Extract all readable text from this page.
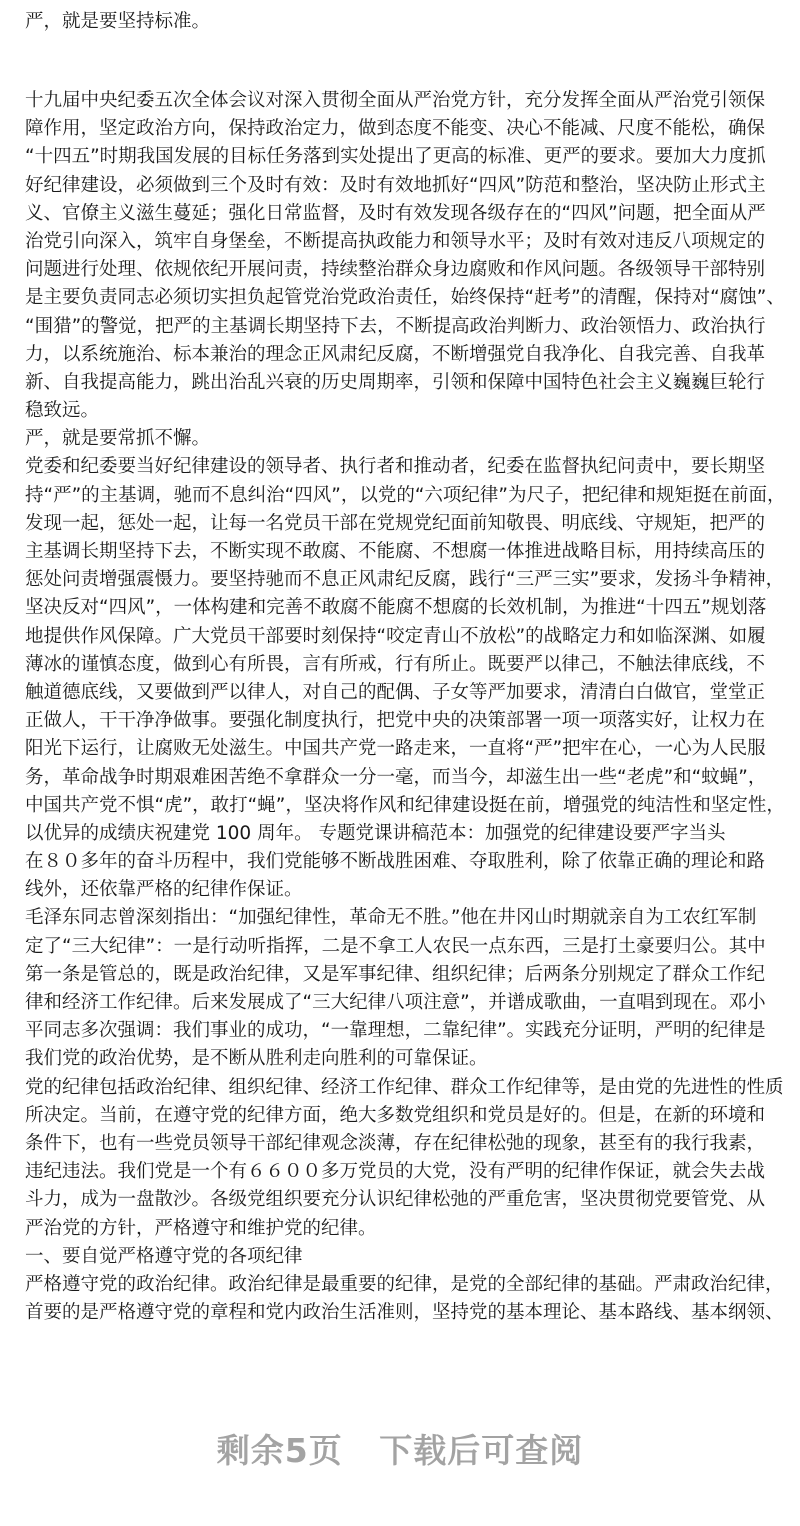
严，就是要坚持标准。
十九届中央纪委五次全体会议对深入贯彻全面从严治党方针，充分发挥全面从严治党引领保
障作用，坚定政治方向，保持政治定力，做到态度不能变、决心不能减、尺度不能松，确保
“十四五”时期我国发展的目标任务落到实处提出了更高的标准、更严的要求。要加大力度抓
好纪律建设，必须做到三个及时有效：及时有效地抓好“四风”防范和整治，坚决防止形式主
义、官僚主义滋生蔓延；强化日常监督，及时有效发现各级存在的“四风”问题，把全面从严
治党引向深入，筑牢自身堡垒，不断提高执政能力和领导水平；及时有效对违反八项规定的
问题进行处理、依规依纪开展问责，持续整治群众身边腐败和作风问题。各级领导干部特别
是主要负责同志必须切实担负起管党治党政治责任，始终保持“赶考”的清醒，保持对“腐蚀”、
“围猎”的警觉，把严的主基调长期坚持下去，不断提高政治判断力、政治领悟力、政治执行
力，以系统施治、标本兼治的理念正风肃纪反腐，不断增强党自我净化、自我完善、自我革
新、自我提高能力，跳出治乱兴衰的历史周期率，引领和保障中国特色社会主义巍巍巨轮行
稳致远。
严，就是要常抓不懈。
党委和纪委要当好纪律建设的领导者、执行者和推动者，纪委在监督执纪问责中，要长期坚
持“严”的主基调，驰而不息纠治“四风”，以党的“六项纪律”为尺子，把纪律和规矩挺在前面，
发现一起，惩处一起，让每一名党员干部在党规党纪面前知敬畏、明底线、守规矩，把严的
主基调长期坚持下去，不断实现不敢腐、不能腐、不想腐一体推进战略目标，用持续高压的
惩处问责增强震慑力。要坚持驰而不息正风肃纪反腐，践行“三严三实”要求，发扬斗争精神，
坚决反对“四风”，一体构建和完善不敢腐不能腐不想腐的长效机制，为推进“十四五”规划落
地提供作风保障。广大党员干部要时刻保持“咬定青山不放松”的战略定力和如临深渊、如履
薄冰的谨慎态度，做到心有所畏，言有所戒，行有所止。既要严以律己，不触法律底线，不
触道德底线，又要做到严以律人，对自己的配偶、子女等严加要求，清清白白做官，堂堂正
正做人，干干净净做事。要强化制度执行，把党中央的决策部署一项一项落实好，让权力在
阳光下运行，让腐败无处滋生。中国共产党一路走来，一直将“严”把牢在心，一心为人民服
务，革命战争时期艰难困苦绝不拿群众一分一毫，而当今，却滋生出一些“老虎”和“蚊蝇”，
中国共产党不惧“虎”，敢打“蝇”，坚决将作风和纪律建设挺在前，增强党的纯洁性和坚定性，
以优异的成绩庆祝建党 100 周年。 专题党课讲稿范本：加强党的纪律建设要严字当头
在８０多年的奋斗历程中，我们党能够不断战胜困难、夺取胜利，除了依靠正确的理论和路
线外，还依靠严格的纪律作保证。
毛泽东同志曾深刻指出：“加强纪律性，革命无不胜。”他在井冈山时期就亲自为工农红军制
定了“三大纪律”：一是行动听指挥，二是不拿工人农民一点东西，三是打土豪要归公。其中
第一条是管总的，既是政治纪律，又是军事纪律、组织纪律；后两条分别规定了群众工作纪
律和经济工作纪律。后来发展成了“三大纪律八项注意”，并谱成歌曲，一直唱到现在。邓小
平同志多次强调：我们事业的成功，“一靠理想，二靠纪律”。实践充分证明，严明的纪律是
我们党的政治优势，是不断从胜利走向胜利的可靠保证。
党的纪律包括政治纪律、组织纪律、经济工作纪律、群众工作纪律等，是由党的先进性的性质
所决定。当前，在遵守党的纪律方面，绝大多数党组织和党员是好的。但是，在新的环境和
条件下，也有一些党员领导干部纪律观念淡薄，存在纪律松弛的现象，甚至有的我行我素，
违纪违法。我们党是一个有６６００多万党员的大党，没有严明的纪律作保证，就会失去战
斗力，成为一盘散沙。各级党组织要充分认识纪律松弛的严重危害，坚决贯彻党要管党、从
严治党的方针，严格遵守和维护党的纪律。
一、要自觉严格遵守党的各项纪律
严格遵守党的政治纪律。政治纪律是最重要的纪律，是党的全部纪律的基础。严肃政治纪律，
首要的是严格遵守党的章程和党内政治生活准则，坚持党的基本理论、基本路线、基本纲领、
剩余5页 下载后可查阅
